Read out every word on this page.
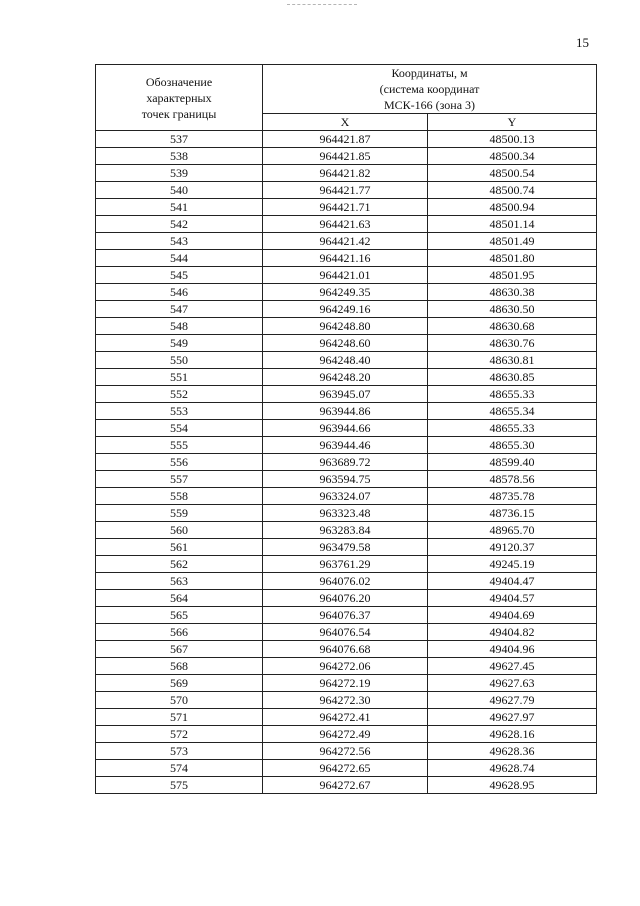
15
Обозначение
характерных
точек границы	Координаты, м
(система координат
МСК-166 (зона 3)	
	X	Y
537	964421.87	48500.13
538	964421.85	48500.34
539	964421.82	48500.54
540	964421.77	48500.74
541	964421.71	48500.94
542	964421.63	48501.14
543	964421.42	48501.49
544	964421.16	48501.80
545	964421.01	48501.95
546	964249.35	48630.38
547	964249.16	48630.50
548	964248.80	48630.68
549	964248.60	48630.76
550	964248.40	48630.81
551	964248.20	48630.85
552	963945.07	48655.33
553	963944.86	48655.34
554	963944.66	48655.33
555	963944.46	48655.30
556	963689.72	48599.40
557	963594.75	48578.56
558	963324.07	48735.78
559	963323.48	48736.15
560	963283.84	48965.70
561	963479.58	49120.37
562	963761.29	49245.19
563	964076.02	49404.47
564	964076.20	49404.57
565	964076.37	49404.69
566	964076.54	49404.82
567	964076.68	49404.96
568	964272.06	49627.45
569	964272.19	49627.63
570	964272.30	49627.79
571	964272.41	49627.97
572	964272.49	49628.16
573	964272.56	49628.36
574	964272.65	49628.74
575	964272.67	49628.95
